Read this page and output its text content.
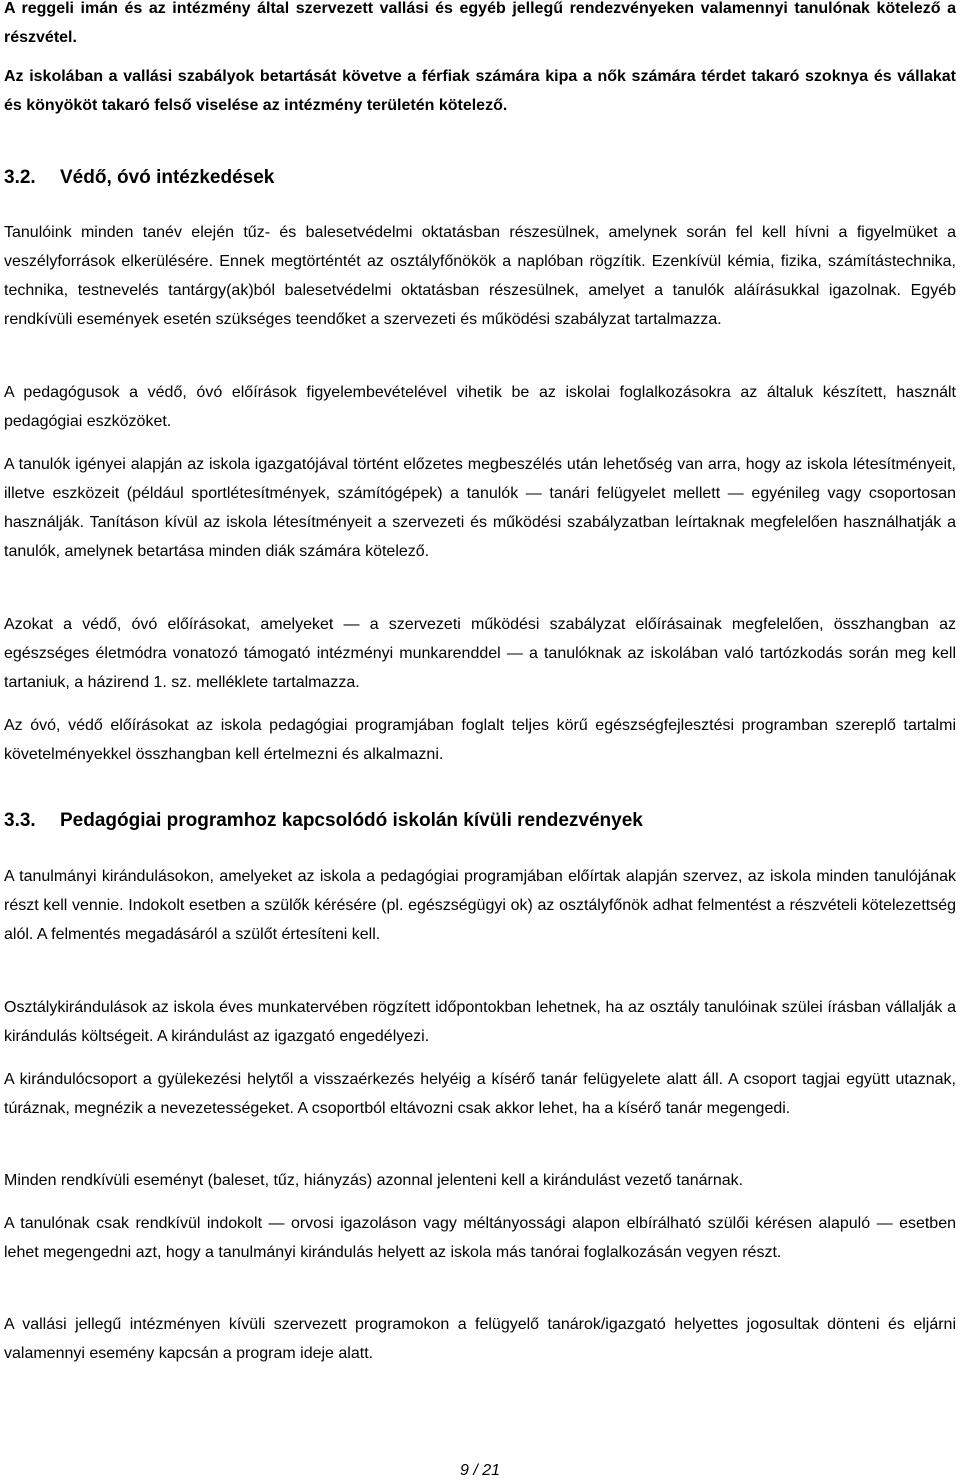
A reggeli imán és az intézmény által szervezett vallási és egyéb jellegű rendezvényeken valamennyi tanulónak kötelező a részvétel.

Az iskolában a vallási szabályok betartását követve a férfiak számára kipa a nők számára térdet takaró szoknya és vállakat és könyököt takaró felső viselése az intézmény területén kötelező.

3.2. Védő, óvó intézkedések

Tanulóink minden tanév elején tűz- és balesetvédelmi oktatásban részesülnek, amelynek során fel kell hívni a figyelmüket a veszélyforrások elkerülésére. Ennek megtörténtét az osztályfőnökök a naplóban rögzítik. Ezenkívül kémia, fizika, számítástechnika, technika, testnevelés tantárgy(ak)ból balesetvédelmi oktatásban részesülnek, amelyet a tanulók aláírásukkal igazolnak. Egyéb rendkívüli események esetén szükséges teendőket a szervezeti és működési szabályzat tartalmazza.

A pedagógusok a védő, óvó előírások figyelembevételével vihetik be az iskolai foglalkozásokra az általuk készített, használt pedagógiai eszközöket.

A tanulók igényei alapján az iskola igazgatójával történt előzetes megbeszélés után lehetőség van arra, hogy az iskola létesítményeit, illetve eszközeit (például sportlétesítmények, számítógépek) a tanulók — tanári felügyelet mellett — egyénileg vagy csoportosan használják. Tanításon kívül az iskola létesítményeit a szervezeti és működési szabályzatban leírtaknak megfelelően használhatják a tanulók, amelynek betartása minden diák számára kötelező.

Azokat a védő, óvó előírásokat, amelyeket — a szervezeti működési szabályzat előírásainak megfelelően, összhangban az egészséges életmódra vonatozó támogató intézményi munkarenddel — a tanulóknak az iskolában való tartózkodás során meg kell tartaniuk, a házirend 1. sz. melléklete tartalmazza.

Az óvó, védő előírásokat az iskola pedagógiai programjában foglalt teljes körű egészségfejlesztési programban szereplő tartalmi követelményekkel összhangban kell értelmezni és alkalmazni.

3.3. Pedagógiai programhoz kapcsolódó iskolán kívüli rendezvények

A tanulmányi kirándulásokon, amelyeket az iskola a pedagógiai programjában előírtak alapján szervez, az iskola minden tanulójának részt kell vennie. Indokolt esetben a szülők kérésére (pl. egészségügyi ok) az osztályfőnök adhat felmentést a részvételi kötelezettség alól. A felmentés megadásáról a szülőt értesíteni kell.

Osztálykirándulások az iskola éves munkatervében rögzített időpontokban lehetnek, ha az osztály tanulóinak szülei írásban vállalják a kirándulás költségeit. A kirándulást az igazgató engedélyezi.

A kirándulócsoport a gyülekezési helytől a visszaérkezés helyéig a kísérő tanár felügyelete alatt áll. A csoport tagjai együtt utaznak, túráznak, megnézik a nevezetességeket. A csoportból eltávozni csak akkor lehet, ha a kísérő tanár megengedi.

Minden rendkívüli eseményt (baleset, tűz, hiányzás) azonnal jelenteni kell a kirándulást vezető tanárnak.

A tanulónak csak rendkívül indokolt — orvosi igazoláson vagy méltányossági alapon elbírálható szülői kérésen alapuló — esetben lehet megengedni azt, hogy a tanulmányi kirándulás helyett az iskola más tanórai foglalkozásán vegyen részt.

A vallási jellegű intézményen kívüli szervezett programokon a felügyelő tanárok/igazgató helyettes jogosultak dönteni és eljárni valamennyi esemény kapcsán a program ideje alatt.

9 / 21
